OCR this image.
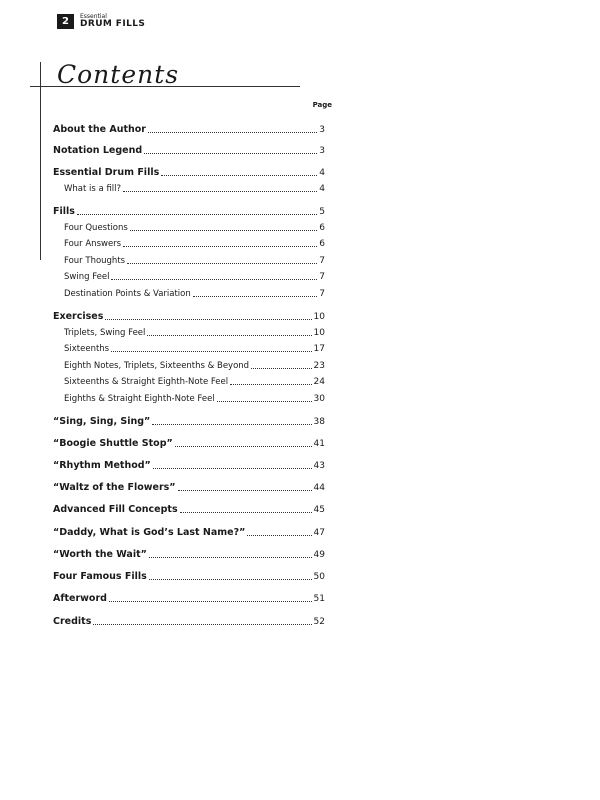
2	Essential
DRUM FILLS
Contents
Page
About the Author	3
Notation Legend	3
Essential Drum Fills	4
What is a fill?	4
Fills	5
Four Questions	6
Four Answers	6
Four Thoughts	7
Swing Feel	7
Destination Points & Variation	7
Exercises	10
Triplets, Swing Feel	10
Sixteenths	17
Eighth Notes, Triplets, Sixteenths & Beyond	23
Sixteenths & Straight Eighth-Note Feel	24
Eighths & Straight Eighth-Note Feel	30
“Sing, Sing, Sing”	38
“Boogie Shuttle Stop”	41
“Rhythm Method”	43
“Waltz of the Flowers”	44
Advanced Fill Concepts	45
“Daddy, What is God’s Last Name?”	47
“Worth the Wait”	49
Four Famous Fills	50
Afterword	51
Credits	52
